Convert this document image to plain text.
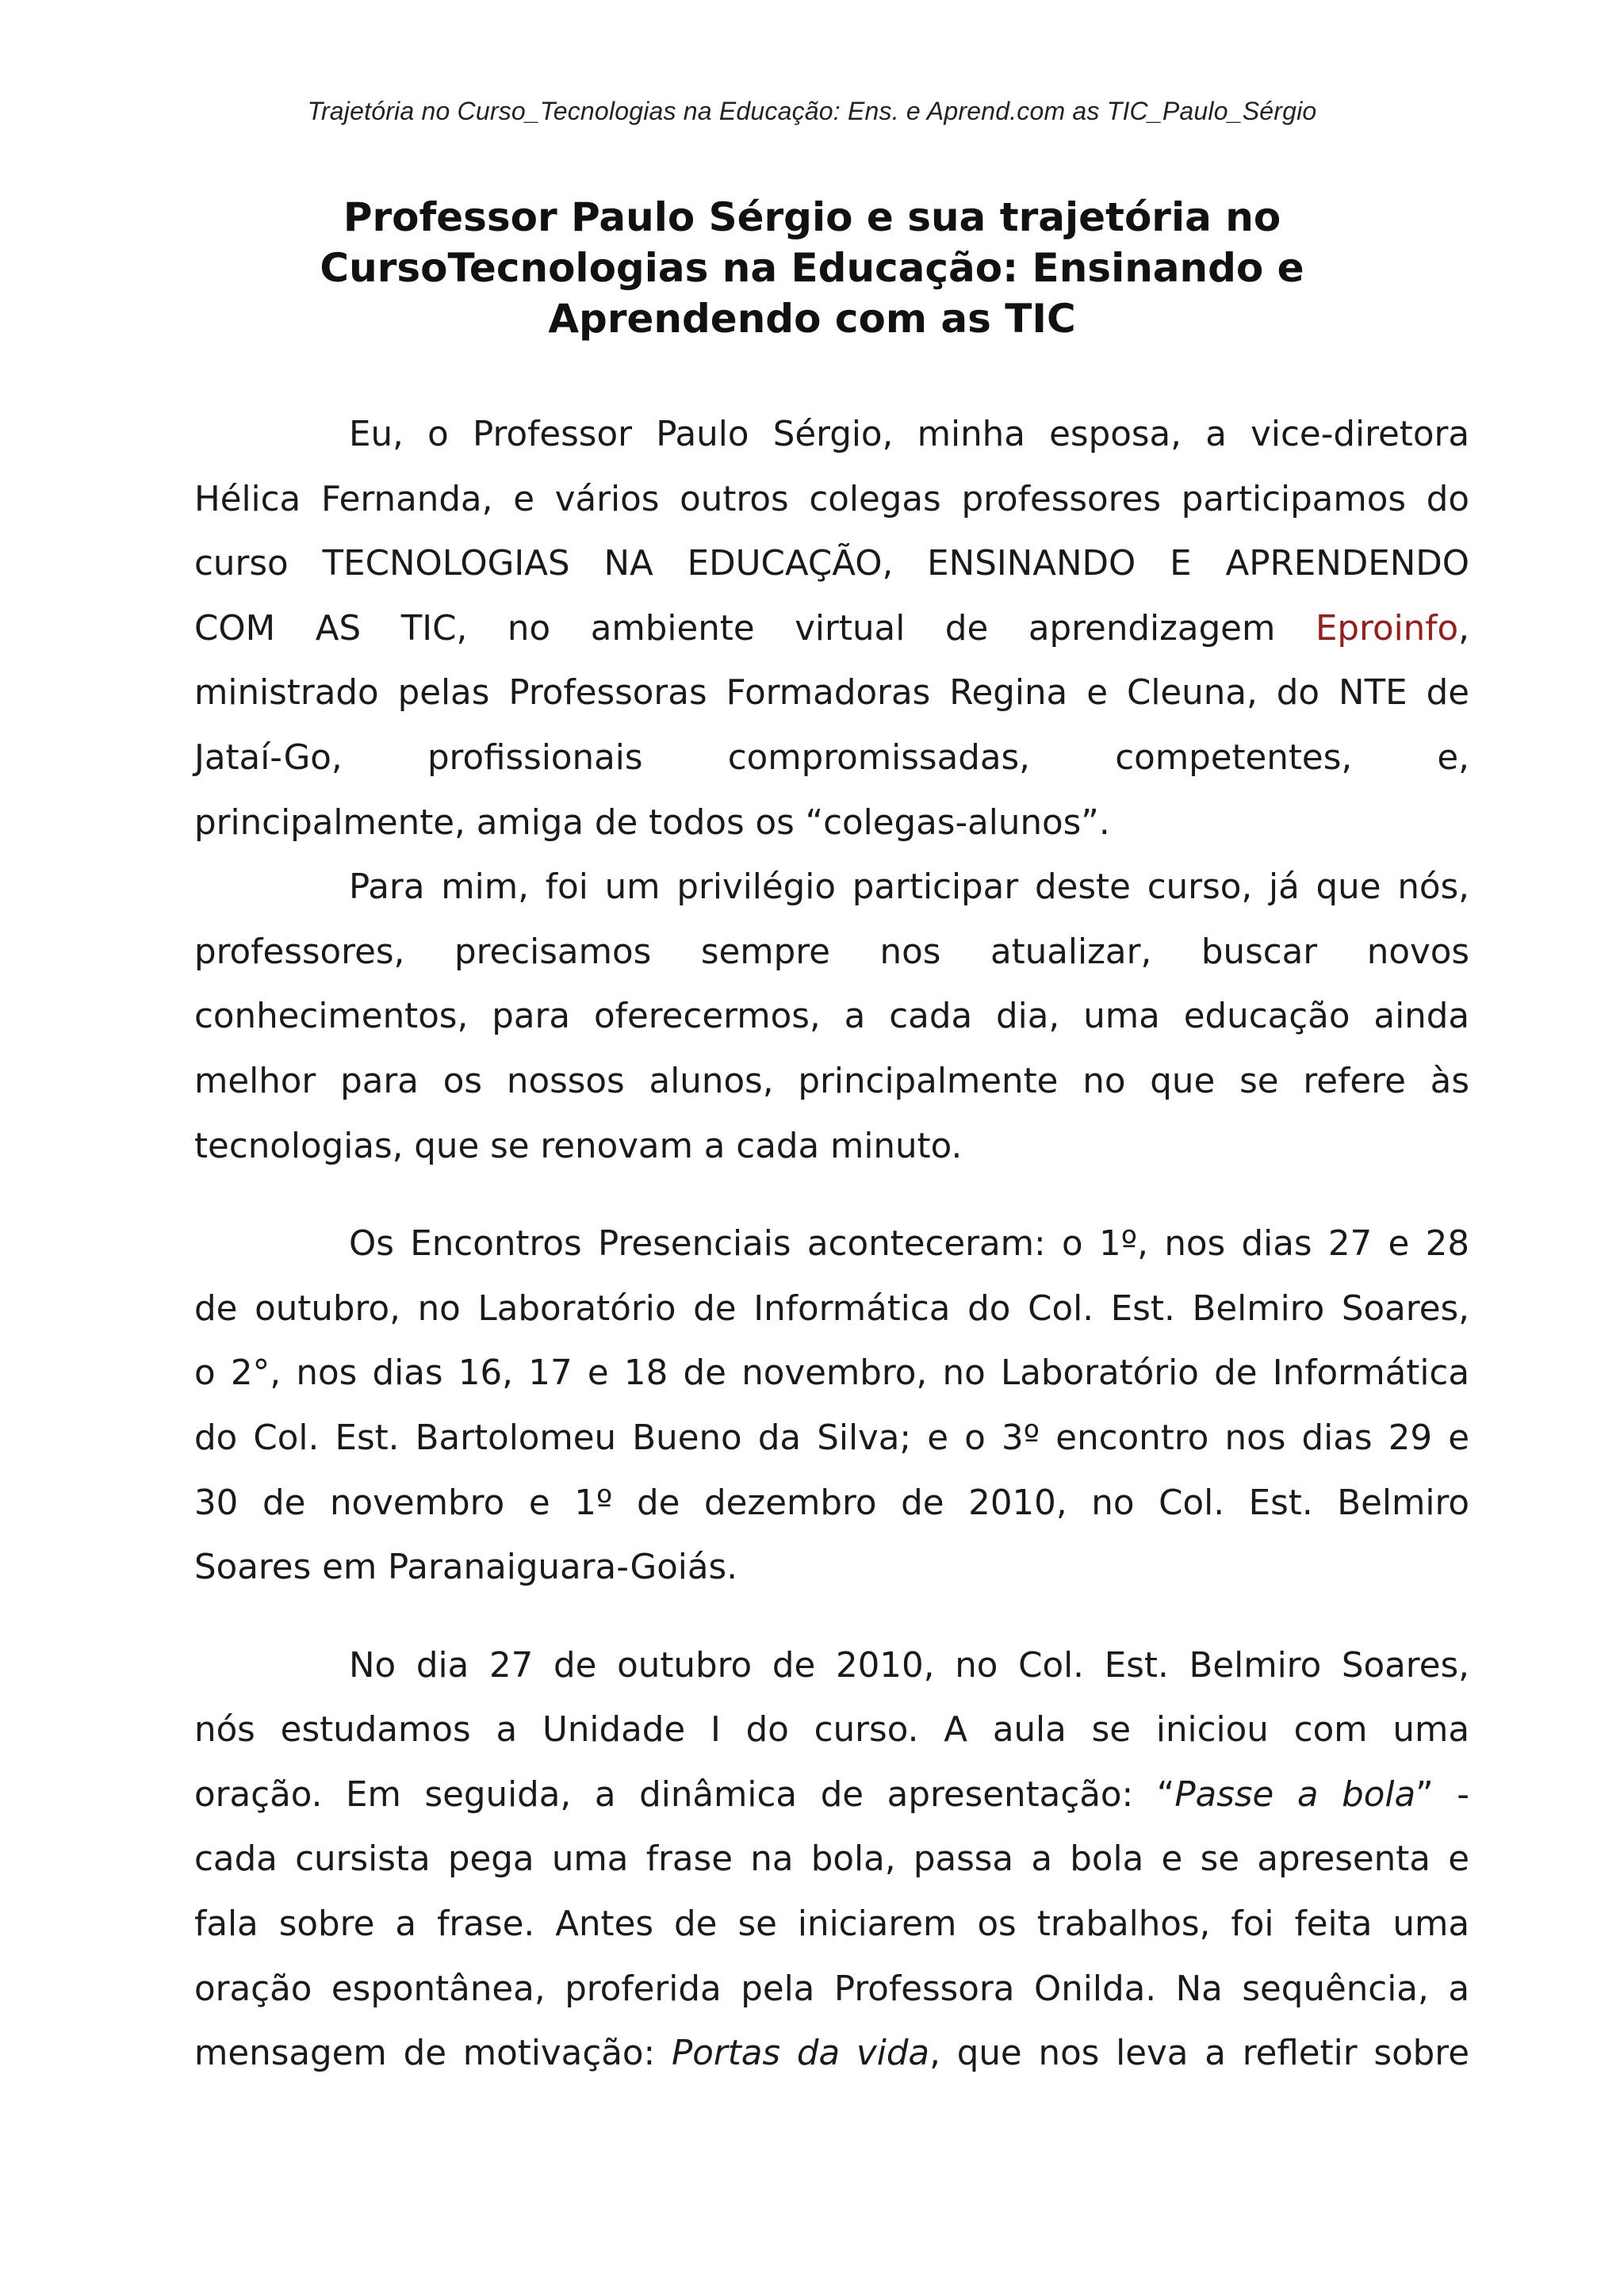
Trajetória no Curso_Tecnologias na Educação: Ens. e Aprend.com as TIC_Paulo_Sérgio
Professor Paulo Sérgio e sua trajetória no
CursoTecnologias na Educação: Ensinando e
Aprendendo com as TIC
Eu, o Professor Paulo Sérgio, minha esposa, a vice-diretora
Hélica Fernanda, e vários outros colegas professores participamos do
curso TECNOLOGIAS NA EDUCAÇÃO, ENSINANDO E APRENDENDO
COM AS TIC, no ambiente virtual de aprendizagem Eproinfo,
ministrado pelas Professoras Formadoras Regina e Cleuna, do NTE de
Jataí-Go, profissionais compromissadas, competentes, e,
principalmente, amiga de todos os “colegas-alunos”.
Para mim, foi um privilégio participar deste curso, já que nós,
professores, precisamos sempre nos atualizar, buscar novos
conhecimentos, para oferecermos, a cada dia, uma educação ainda
melhor para os nossos alunos, principalmente no que se refere às
tecnologias, que se renovam a cada minuto.
Os Encontros Presenciais aconteceram: o 1º, nos dias 27 e 28
de outubro, no Laboratório de Informática do Col. Est. Belmiro Soares,
o 2°, nos dias 16, 17 e 18 de novembro, no Laboratório de Informática
do Col. Est. Bartolomeu Bueno da Silva; e o 3º encontro nos dias 29 e
30 de novembro e 1º de dezembro de 2010, no Col. Est. Belmiro
Soares em Paranaiguara-Goiás.
No dia 27 de outubro de 2010, no Col. Est. Belmiro Soares,
nós estudamos a Unidade I do curso. A aula se iniciou com uma
oração. Em seguida, a dinâmica de apresentação: “Passe a bola” -
cada cursista pega uma frase na bola, passa a bola e se apresenta e
fala sobre a frase. Antes de se iniciarem os trabalhos, foi feita uma
oração espontânea, proferida pela Professora Onilda. Na sequência, a
mensagem de motivação: Portas da vida, que nos leva a refletir sobre
